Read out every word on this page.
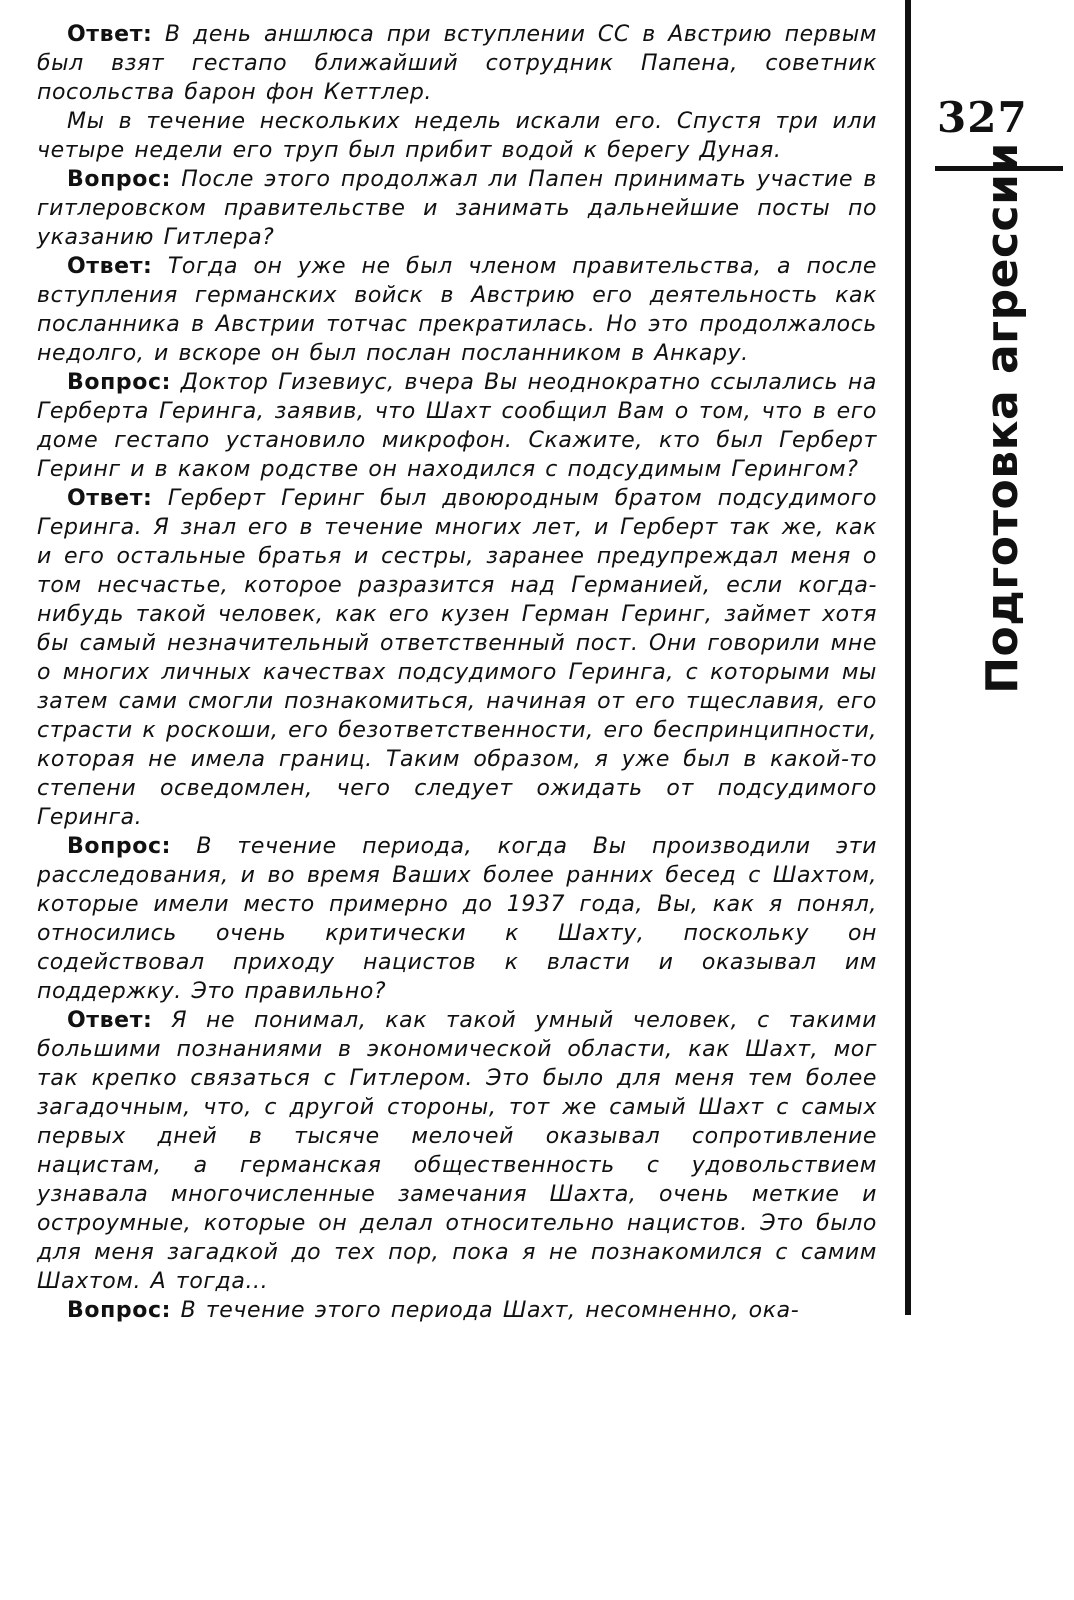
Ответ: В день аншлюса при вступлении СС в Австрию первым был взят гестапо ближайший сотрудник Папена, советник посольства барон фон Кеттлер.

Мы в течение нескольких недель искали его. Спустя три или четыре недели его труп был прибит водой к берегу Дуная.

Вопрос: После этого продолжал ли Папен принимать участие в гитлеровском правительстве и занимать дальнейшие посты по указанию Гитлера?

Ответ: Тогда он уже не был членом правительства, а после вступления германских войск в Австрию его деятельность как посланника в Австрии тотчас прекратилась. Но это продолжалось недолго, и вскоре он был послан посланником в Анкару.

Вопрос: Доктор Гизевиус, вчера Вы неоднократно ссылались на Герберта Геринга, заявив, что Шахт сообщил Вам о том, что в его доме гестапо установило микрофон. Скажите, кто был Герберт Геринг и в каком родстве он находился с подсудимым Герингом?

Ответ: Герберт Геринг был двоюродным братом подсудимого Геринга. Я знал его в течение многих лет, и Герберт так же, как и его остальные братья и сестры, заранее предупреждал меня о том несчастье, которое разразится над Германией, если когда-нибудь такой человек, как его кузен Герман Геринг, займет хотя бы самый незначительный ответственный пост. Они говорили мне о многих личных качествах подсудимого Геринга, с которыми мы затем сами смогли познакомиться, начиная от его тщеславия, его страсти к роскоши, его безответственности, его беспринципности, которая не имела границ. Таким образом, я уже был в какой-то степени осведомлен, чего следует ожидать от подсудимого Геринга.

Вопрос: В течение периода, когда Вы производили эти расследования, и во время Ваших более ранних бесед с Шахтом, которые имели место примерно до 1937 года, Вы, как я понял, относились очень критически к Шахту, поскольку он содействовал приходу нацистов к власти и оказывал им поддержку. Это правильно?

Ответ: Я не понимал, как такой умный человек, с такими большими познаниями в экономической области, как Шахт, мог так крепко связаться с Гитлером. Это было для меня тем более загадочным, что, с другой стороны, тот же самый Шахт с самых первых дней в тысяче мелочей оказывал сопротивление нацистам, а германская общественность с удовольствием узнавала многочисленные замечания Шахта, очень меткие и остроумные, которые он делал относительно нацистов. Это было для меня загадкой до тех пор, пока я не познакомился с самим Шахтом. А тогда...

Вопрос: В течение этого периода Шахт, несомненно, ока-

327
Подготовка агрессии
